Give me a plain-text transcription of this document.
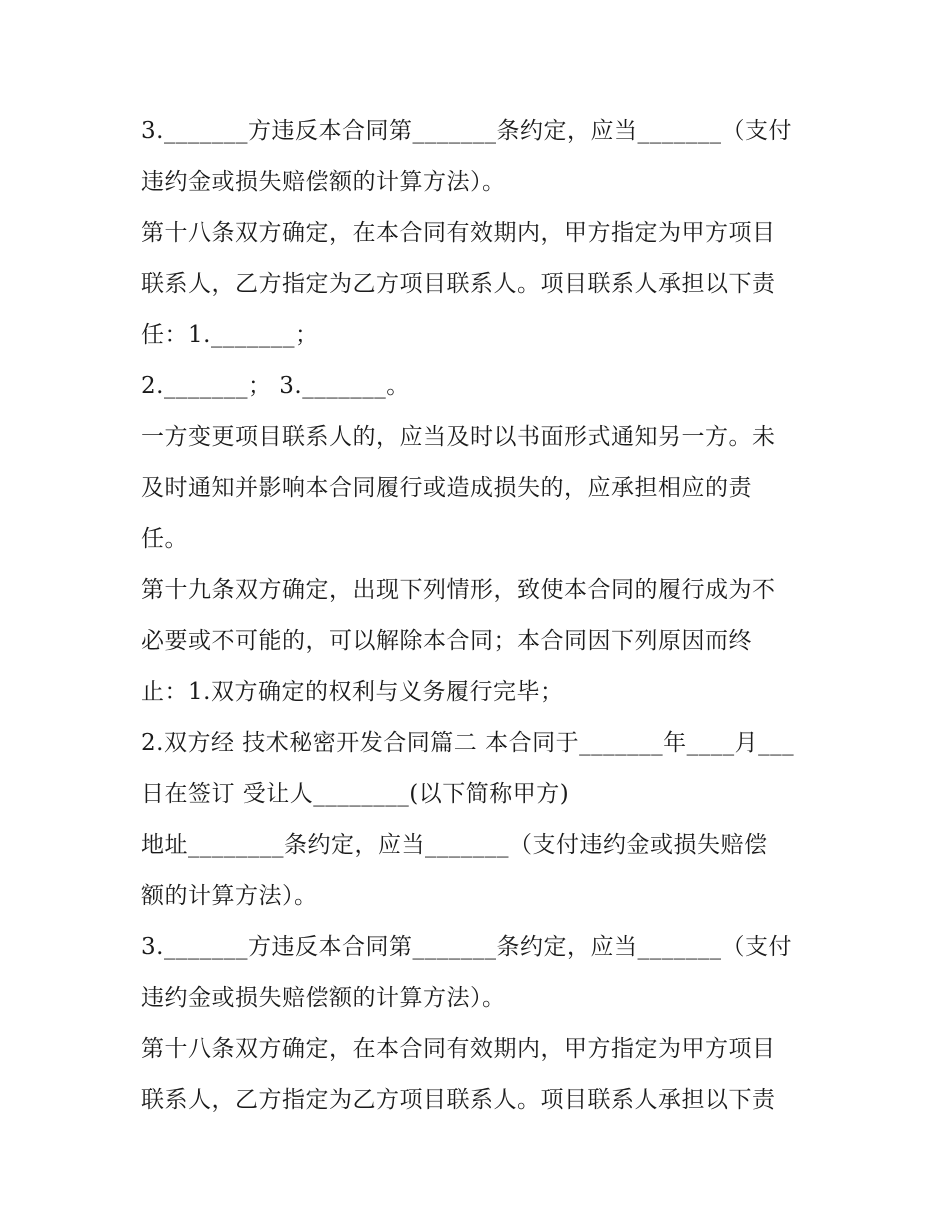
3._______方违反本合同第_______条约定，应当_______（支付
违约金或损失赔偿额的计算方法）。
第十八条双方确定，在本合同有效期内，甲方指定为甲方项目
联系人，乙方指定为乙方项目联系人。项目联系人承担以下责
任：1._______；
2._______； 3._______。
一方变更项目联系人的，应当及时以书面形式通知另一方。未
及时通知并影响本合同履行或造成损失的，应承担相应的责
任。
第十九条双方确定，出现下列情形，致使本合同的履行成为不
必要或不可能的，可以解除本合同；本合同因下列原因而终
止：1.双方确定的权利与义务履行完毕；
2.双方经 技术秘密开发合同篇二 本合同于_______年____月___
日在签订 受让人________(以下简称甲方)
地址________条约定，应当_______（支付违约金或损失赔偿
额的计算方法）。
3._______方违反本合同第_______条约定，应当_______（支付
违约金或损失赔偿额的计算方法）。
第十八条双方确定，在本合同有效期内，甲方指定为甲方项目
联系人，乙方指定为乙方项目联系人。项目联系人承担以下责
